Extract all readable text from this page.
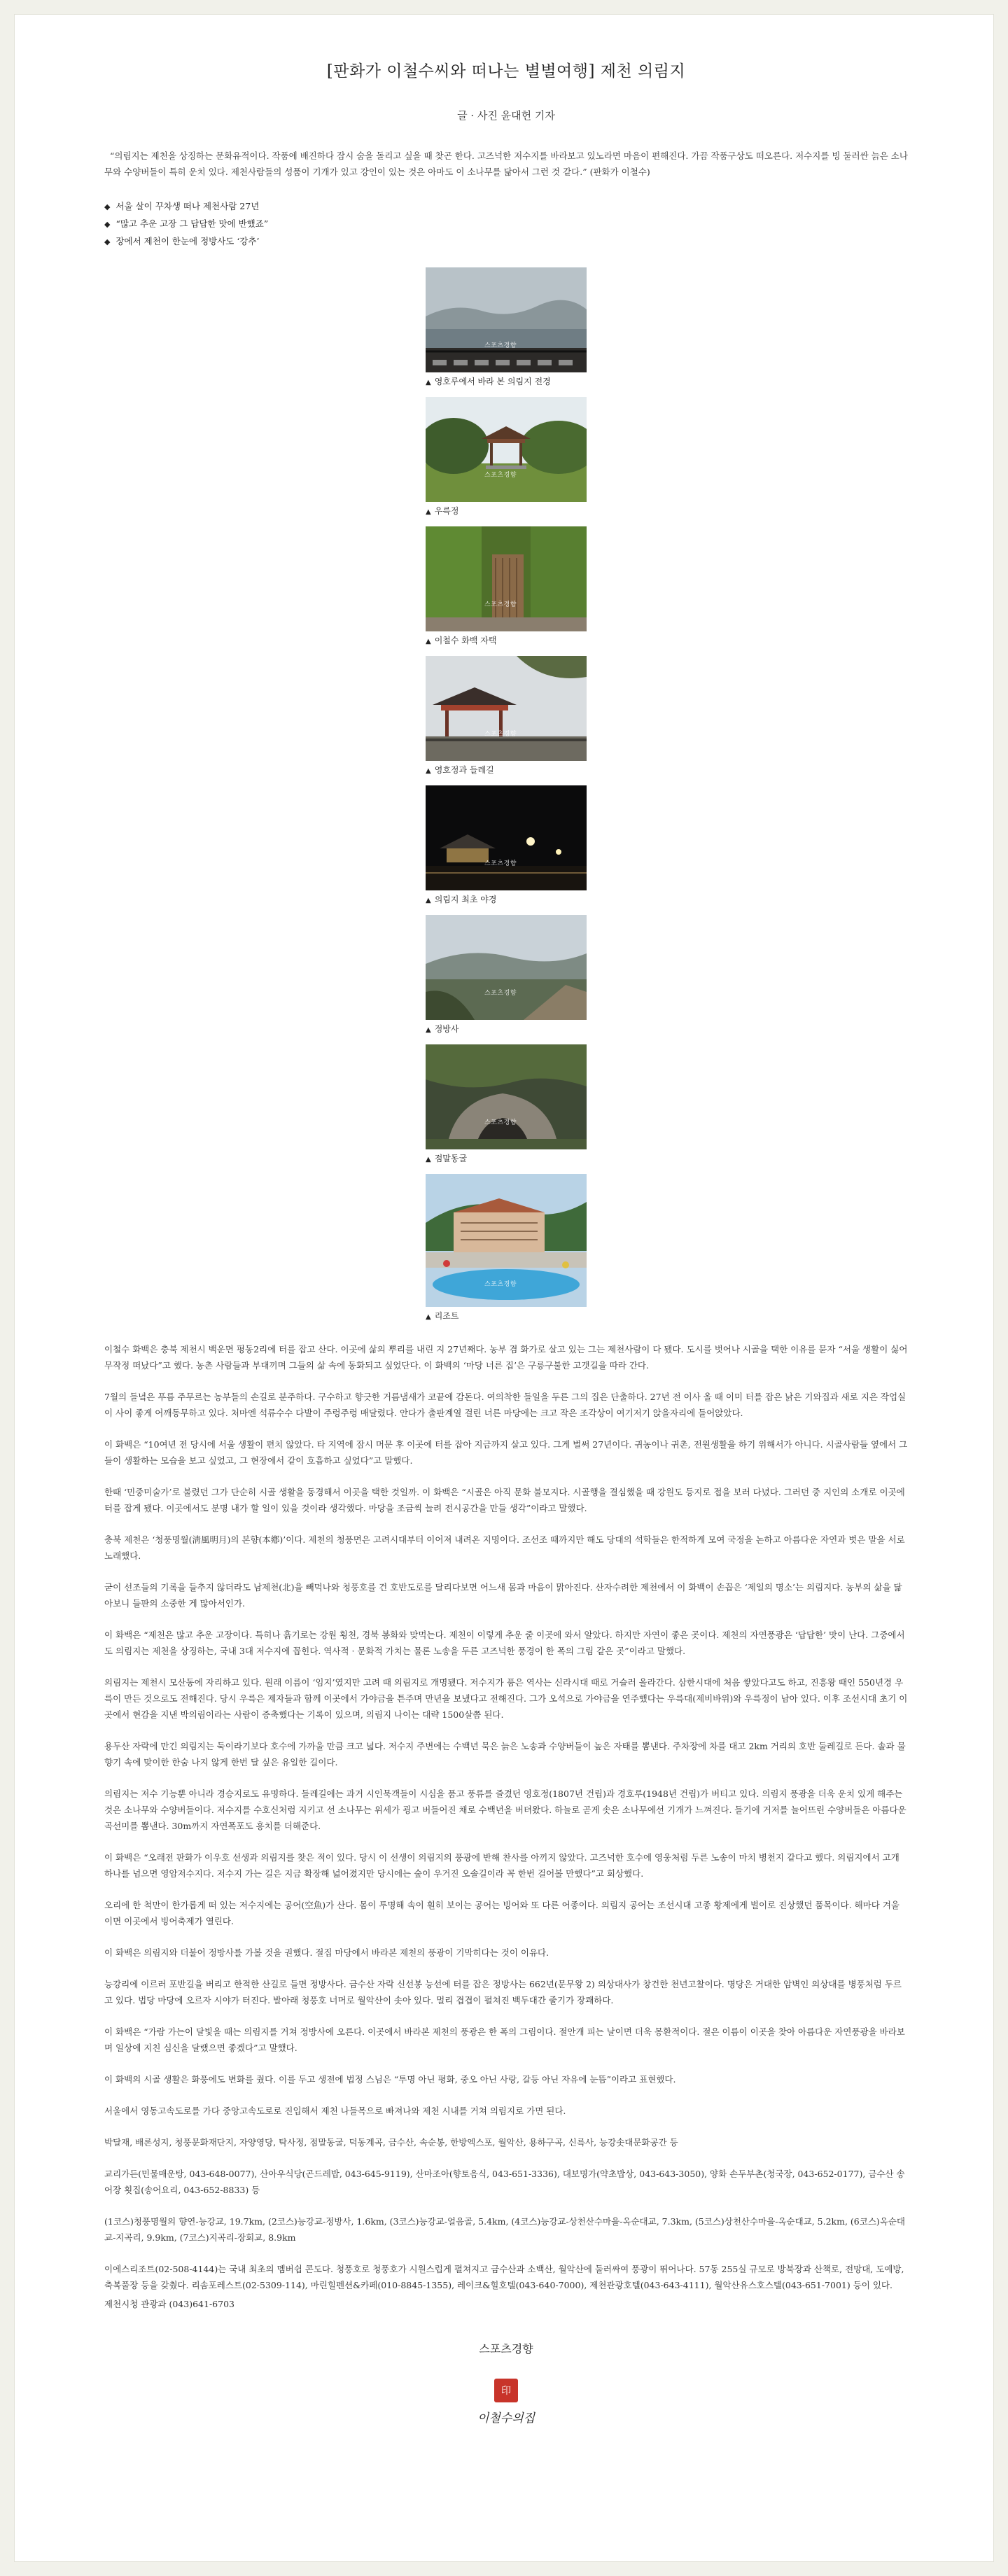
[판화가 이철수씨와 떠나는 별별여행] 제천 의림지
글 · 사진 윤대헌 기자
“의림지는 제천을 상징하는 문화유적이다. 작품에 배진하다 잠시 숨을 돌리고 싶을 때 찾곤 한다. 고즈넉한 저수지를 바라보고 있노라면 마음이 편해진다. 가끔 작품구상도 떠오른다. 저수지를 빙 둘러싼 늙은 소나무와 수양버들이 특히 운치 있다. 제천사람들의 성품이 기개가 있고 강인이 있는 것은 아마도 이 소나무를 닮아서 그런 것 같다.” (판화가 이철수)
◆ 서울 살이 꾸차생 떠나 제천사람 27년
◆ “많고 추운 고장 그 답답한 맛에 반했죠”
◆ 장에서 제천이 한눈에 정방사도 ‘강추’
스포츠경향
▲ 영호루에서 바라 본 의림지 전경
스포츠경향
▲ 우륵정
스포츠경향
▲ 이철수 화백 자택
스포츠경향
▲ 영호정과 들레길
스포츠경향
▲ 의림지 최초 야경
스포츠경향
▲ 정방사
스포츠경향
▲ 점말동굴
스포츠경향
▲ 리조트

이철수 화백은 충북 제천시 백운면 평동2리에 터를 잡고 산다. 이곳에 삶의 뿌리를 내린 지 27년째다. 농부 겸 화가로 살고 있는 그는 제천사람이 다 됐다. 도시를 벗어나 시골을 택한 이유를 묻자 “서울 생활이 싫어 무작정 떠났다”고 했다. 농촌 사람들과 부대끼며 그들의 삶 속에 동화되고 싶었단다. 이 화백의 ‘마당 너른 집’은 구릉구불한 고갯길을 따라 간다.

7월의 들녘은 푸름 주무르는 농부들의 손길로 분주하다. 구수하고 향긋한 거름냄새가 코끝에 감돈다. 여의착한 들일을 두른 그의 집은 단출하다. 27년 전 이사 올 때 이미 터를 잡은 낡은 기와집과 새로 지은 작업실이 사이 좋게 어깨동무하고 있다. 처마엔 석류수수 다발이 주렁주렁 매달렸다. 안다가 출판계열 걸린 너른 마당에는 크고 작은 조각상이 여기저기 앉을자리에 들어앉았다.

이 화백은 “10여년 전 당시에 서울 생활이 편치 않았다. 타 지역에 잠시 머문 후 이곳에 터를 잡아 지금까지 살고 있다. 그게 벌써 27년이다. 귀농이나 귀촌, 전원생활을 하기 위해서가 아니다. 시골사람들 옆에서 그들이 생활하는 모습을 보고 싶었고, 그 현장에서 같이 호흡하고 싶었다”고 말했다.

한때 ‘민중미술가’로 불렸던 그가 단순히 시골 생활을 동경해서 이곳을 택한 것일까. 이 화백은 “시골은 아직 문화 불모지다. 시골행을 결심했을 때 강원도 등지로 접을 보러 다녔다. 그러던 중 지인의 소개로 이곳에 터를 잡게 됐다. 이곳에서도 분명 내가 할 일이 있을 것이라 생각했다. 마당을 조금씩 늘려 전시공간을 만들 생각”이라고 말했다.

충북 제천은 ‘청풍명월(淸風明月)의 본향(本鄕)’이다. 제천의 청풍면은 고려시대부터 이어져 내려온 지명이다. 조선조 때까지만 해도 당대의 석학들은 한적하게 모여 국정을 논하고 아름다운 자연과 벗은 말을 서로 노래했다.

굳이 선조들의 기록을 들추지 않더라도 남제천(北)을 빼먹나와 청풍호를 건 호반도로를 달리다보면 어느새 몸과 마음이 맑아진다. 산자수려한 제천에서 이 화백이 손꼽은 ‘제일의 명소’는 의림지다. 농부의 삶을 닮아보니 들판의 소중한 게 많아서인가.

이 화백은 “제천은 많고 추운 고장이다. 특히나 흙기로는 강원 횡천, 경북 봉화와 맞먹는다. 제천이 이렇게 추운 줄 이곳에 와서 알았다. 하지만 자연이 좋은 곳이다. 제천의 자연풍광은 ‘답답한’ 맛이 난다. 그중에서도 의림지는 제천을 상징하는, 국내 3대 저수지에 꼽힌다. 역사적 · 문화적 가치는 물론 노송을 두른 고즈넉한 풍경이 한 폭의 그림 같은 곳”이라고 말했다.

의림지는 제천시 모산동에 자리하고 있다. 원래 이름이 ‘임지’였지만 고려 때 의림지로 개명됐다. 저수지가 품은 역사는 신라시대 때로 거슬러 올라간다. 삼한시대에 처음 쌓았다고도 하고, 진흥왕 때인 550년경 우륵이 만든 것으로도 전해진다. 당시 우륵은 제자들과 함께 이곳에서 가야금을 튼주며 만년을 보냈다고 전해진다. 그가 오석으로 가야금을 연주했다는 우륵대(제비바위)와 우륵정이 남아 있다. 이후 조선시대 초기 이곳에서 현감을 지낸 박의림이라는 사람이 증축했다는 기록이 있으며, 의림지 나이는 대략 1500살쯤 된다.

용두산 자락에 만긴 의림지는 둑이라기보다 호수에 가까울 만큼 크고 넓다. 저수지 주변에는 수백년 묵은 늙은 노송과 수양버들이 높은 자태를 뽐낸다. 주차장에 차를 대고 2km 거리의 호반 둘레길로 든다. 솔과 물 향기 속에 맞이한 한숨 나지 않게 한번 달 싶은 유일한 길이다.

의림지는 저수 기능뿐 아니라 경승지로도 유명하다. 들레길에는 과거 시인묵객들이 시심을 품고 풍류를 즐겼던 영호정(1807년 건립)과 경호루(1948년 건립)가 버티고 있다. 의림지 풍광을 더욱 운치 있게 해주는 것은 소나무와 수양버들이다. 저수지를 수호신처럼 지키고 선 소나무는 위세가 굉고 버들어진 채로 수백년을 버텨왔다. 하늘로 곧게 솟은 소나무에선 기개가 느껴진다. 들기에 거저를 늘어뜨린 수양버들은 아름다운 곡선미를 뽐낸다. 30m까지 자연폭포도 흥치를 더해준다.

이 화백은 “오래전 판화가 이우호 선생과 의림지를 찾은 적이 있다. 당시 이 선생이 의림지의 풍광에 반해 찬사를 아끼지 않았다. 고즈넉한 호수에 영웅처럼 두른 노송이 마치 병천지 같다고 했다. 의림지에서 고개 하나를 넘으면 영암저수지다. 저수지 가는 길은 지금 확장해 넓어졌지만 당시에는 숲이 우거진 오솔길이라 꼭 한번 걸어볼 만했다”고 회상했다.

오리에 한 척만이 한가롭게 떠 있는 저수지에는 공어(空魚)가 산다. 몸이 투명해 속이 훤히 보이는 공어는 빙어와 또 다른 어종이다. 의림지 공어는 조선시대 고종 황제에게 벌이로 진상했던 품목이다. 해마다 겨울이면 이곳에서 빙어축제가 열린다.

이 화백은 의림지와 더불어 정방사를 가볼 것을 권했다. 절집 마당에서 바라본 제천의 풍광이 기막히다는 것이 이유다.

능강리에 이르러 포반길을 버리고 한적한 산길로 들면 정방사다. 금수산 자락 신선봉 능선에 터를 잡은 정방사는 662년(문무왕 2) 의상대사가 창건한 천년고찰이다. 명당은 거대한 암벽인 의상대를 병풍처럼 두르고 있다. 법당 마당에 오르자 시야가 터진다. 발아래 청풍호 너머로 월악산이 솟아 있다. 멀리 겹겹이 펼쳐진 백두대간 줄기가 장쾌하다.

이 화백은 “가람 가는이 달빛을 때는 의림지를 거쳐 정방사에 오른다. 이곳에서 바라본 제천의 풍광은 한 폭의 그림이다. 절안개 피는 날이면 더욱 몽환적이다. 절은 이름이 이곳을 찾아 아름다운 자연풍광을 바라보며 일상에 지친 심신을 달랬으면 좋겠다”고 말했다.

이 화백의 시골 생활은 화풍에도 변화를 줬다. 이를 두고 생전에 법정 스님은 “투명 아닌 평화, 중오 아닌 사랑, 갈등 아닌 자유에 눈뜸”이라고 표현했다.

서울에서 영동고속도로를 가다 중앙고속도로로 진입해서 제천 나들목으로 빠져나와 제천 시내를 거쳐 의림지로 가면 된다.

박달재, 배론성지, 청풍문화재단지, 자양영당, 탁사정, 점말동굴, 덕동계곡, 금수산, 속순봉, 한방엑스포, 월악산, 용하구곡, 신륵사, 능강솟대문화공간 등

교리가든(민물매운탕, 043-648-0077), 산아우식당(곤드레밥, 043-645-9119), 산마조아(향토음식, 043-651-3336), 대보명가(약초밥상, 043-643-3050), 양화 손두부촌(청국장, 043-652-0177), 금수산 송어장 횟집(송어요리, 043-652-8833) 등

(1코스)청풍명월의 향연-능강교, 19.7km, (2코스)능강교-정방사, 1.6km, (3코스)능강교-얼음골, 5.4km, (4코스)능강교-상천산수마을-옥순대교, 7.3km, (5코스)상천산수마을-옥순대교, 5.2km, (6코스)옥순대교-지곡리, 9.9km, (7코스)지곡리-장회교, 8.9km

이에스리조트(02-508-4144)는 국내 최초의 멤버쉽 콘도다. 청풍호로 청풍호가 시원스럽게 펼쳐지고 금수산과 소백산, 월악산에 둘러싸여 풍광이 뛰어나다. 57동 255실 규모로 방북장과 산책로, 전망대, 도예방, 축복풀장 등을 갖췄다. 리솜포레스트(02-5309-114), 마린힐펜션&카페(010-8845-1355), 레이크&힐호텔(043-640-7000), 제천관광호텔(043-643-4111), 월악산유스호스텔(043-651-7001) 등이 있다.

제천시청 관광과 (043)641-6703

스포츠경향
印
이철수의집
